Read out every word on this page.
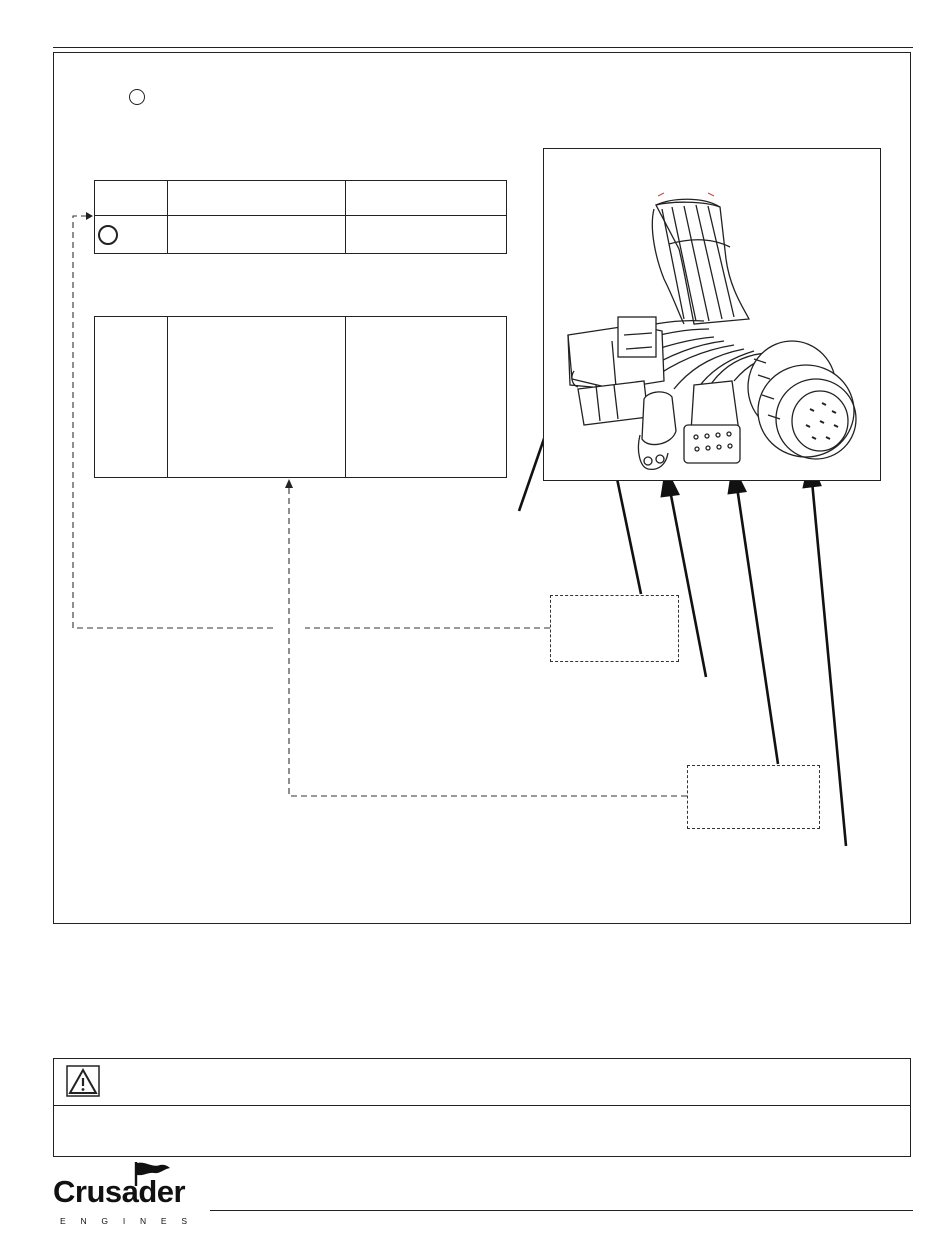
Crusader
ENGINES
